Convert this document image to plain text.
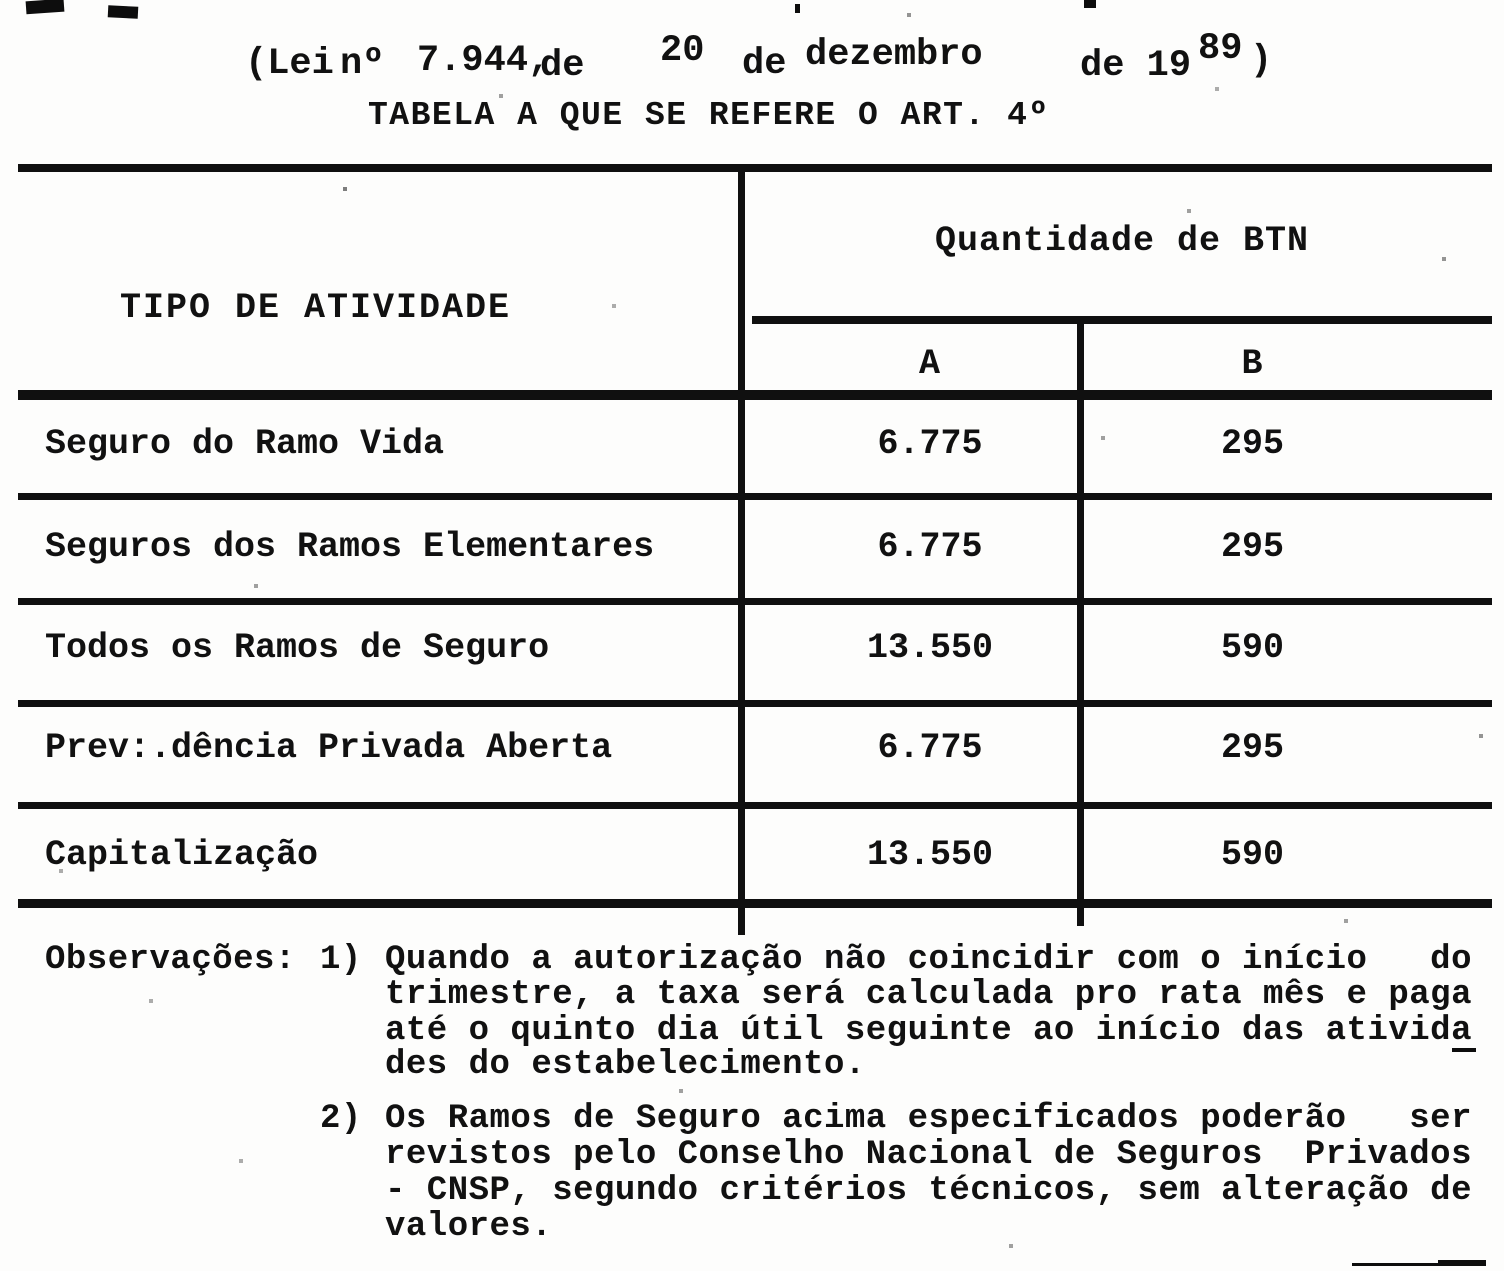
(Lei

nº

7.944,

de

20

de

dezembro

	de 19

89

)

TABELA A QUE SE REFERE O ART. 4º
TIPO DE ATIVIDADE
Quantidade de BTN
A	B
Seguro do Ramo Vida	6.775	295
Seguros dos Ramos Elementares	6.775	295
Todos os Ramos de Seguro	13.550	590
Prev:.dência Privada Aberta	6.775	295
Capitalização	13.550	590
Observações: 1) Quando a autorização não coincidir com o início   do
trimestre, a taxa será calculada pro rata mês e paga
até o quinto dia útil seguinte ao início das ativida
des do estabelecimento.
2) Os Ramos de Seguro acima especificados poderão   ser
revistos pelo Conselho Nacional de Seguros  Privados
- CNSP, segundo critérios técnicos, sem alteração de
valores.
